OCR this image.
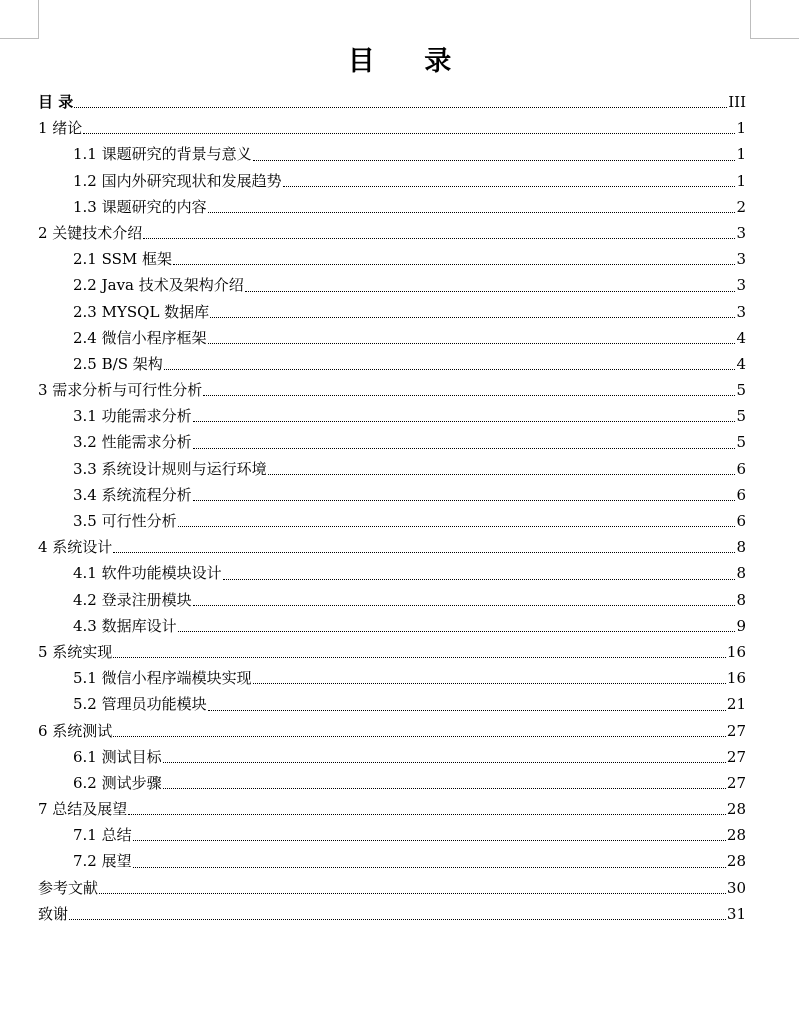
目 录
目 录	III
1 绪论	1
1.1 课题研究的背景与意义	1
1.2 国内外研究现状和发展趋势	1
1.3 课题研究的内容	2
2 关键技术介绍	3
2.1 SSM 框架	3
2.2 Java 技术及架构介绍	3
2.3 MYSQL 数据库	3
2.4 微信小程序框架	4
2.5 B/S 架构	4
3 需求分析与可行性分析	5
3.1 功能需求分析	5
3.2 性能需求分析	5
3.3 系统设计规则与运行环境	6
3.4 系统流程分析	6
3.5 可行性分析	6
4 系统设计	8
4.1 软件功能模块设计	8
4.2 登录注册模块	8
4.3 数据库设计	9
5 系统实现	16
5.1 微信小程序端模块实现	16
5.2 管理员功能模块	21
6 系统测试	27
6.1 测试目标	27
6.2 测试步骤	27
7 总结及展望	28
7.1 总结	28
7.2 展望	28
参考文献	30
致谢	31
